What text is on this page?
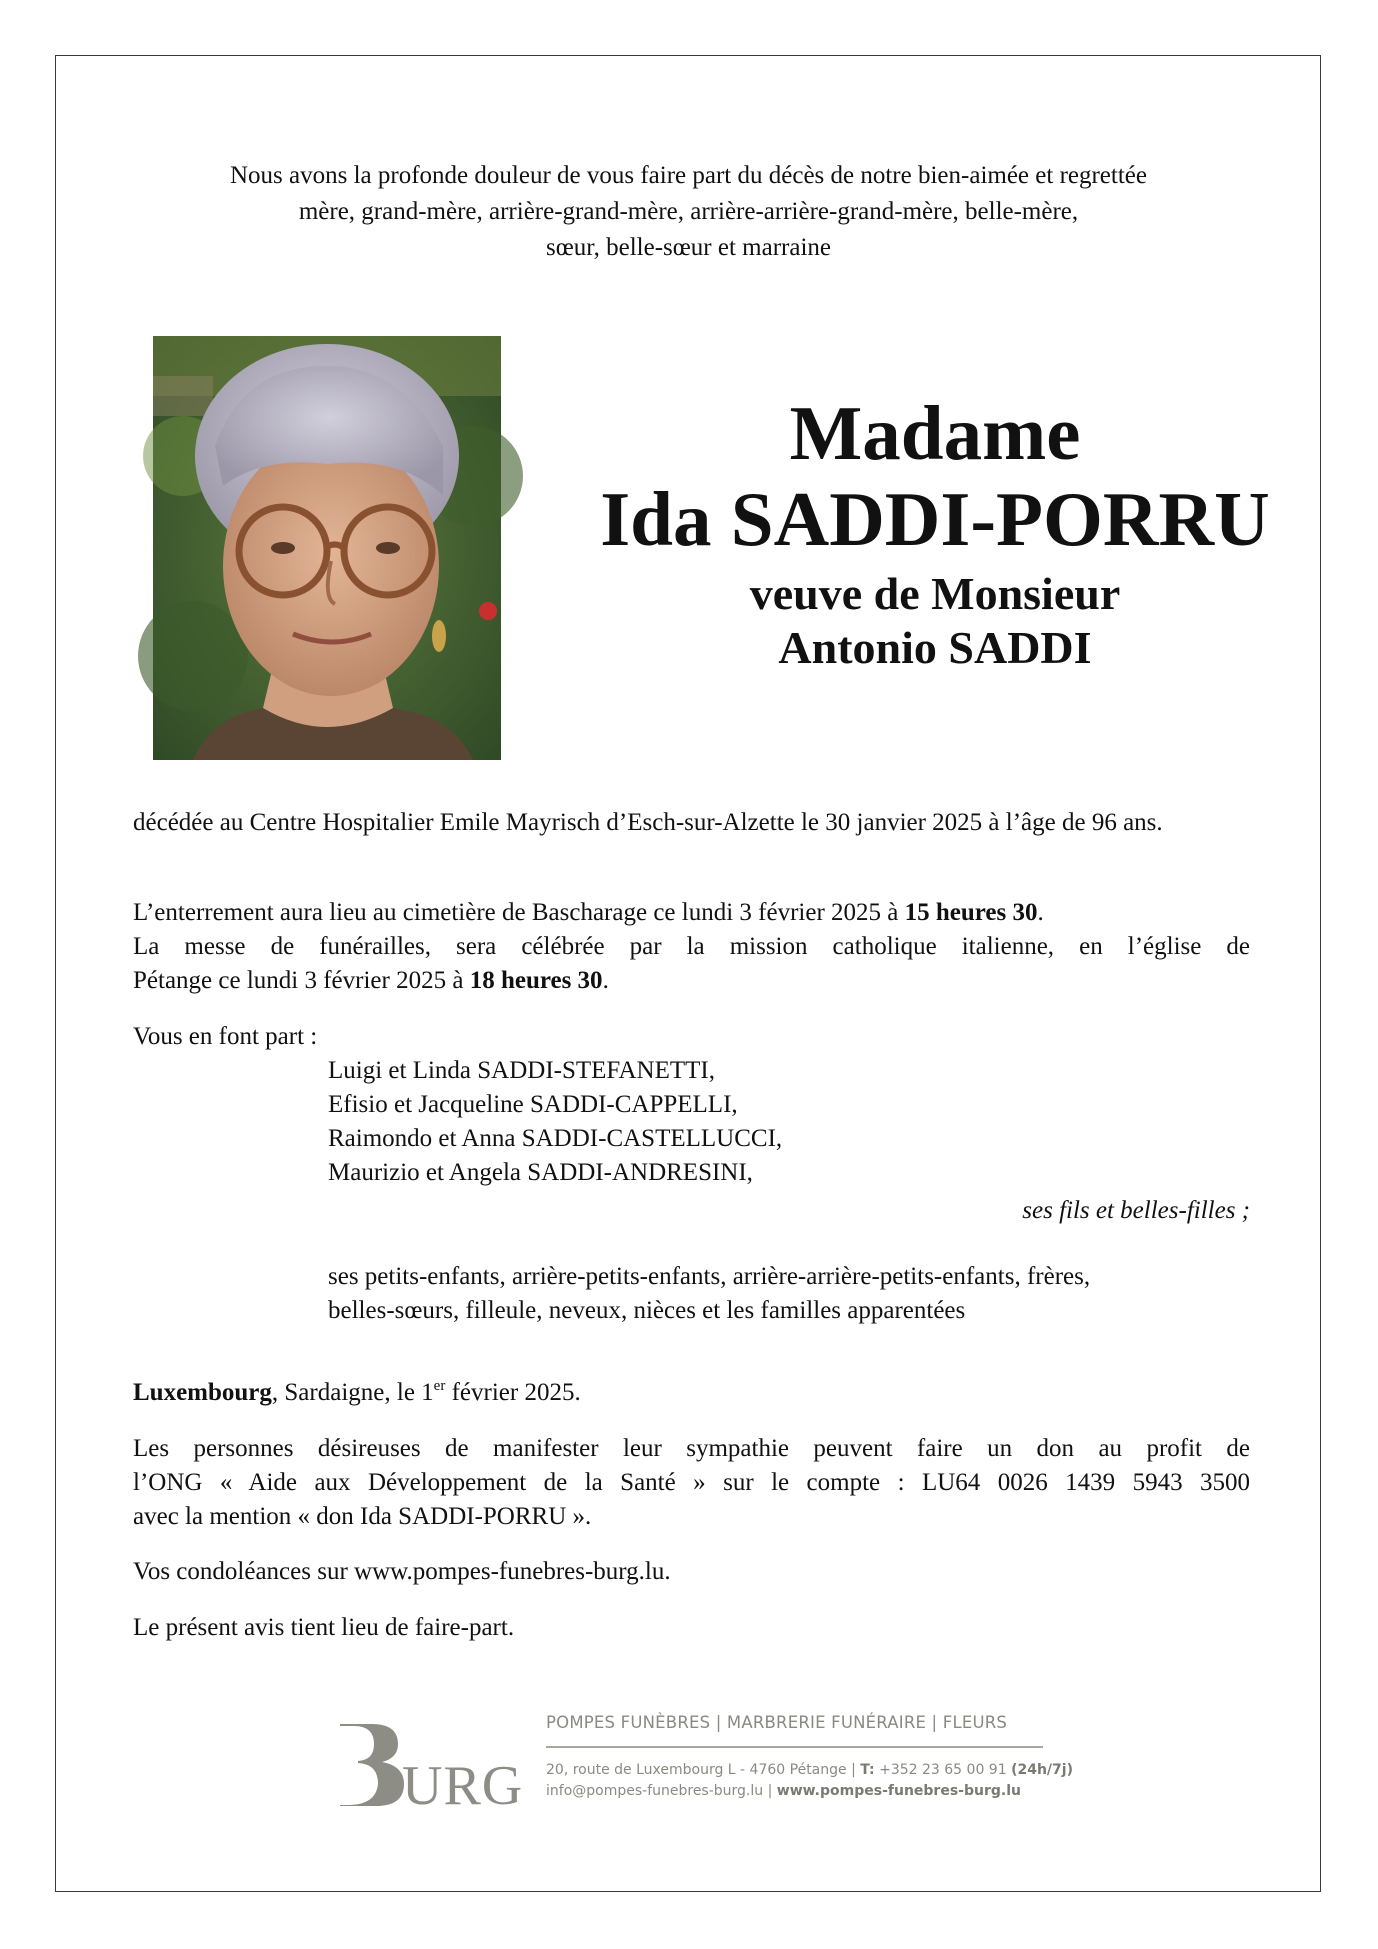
Nous avons la profonde douleur de vous faire part du décès de notre bien-aimée et regrettée
mère, grand-mère, arrière-grand-mère, arrière-arrière-grand-mère, belle-mère,
sœur, belle-sœur et marraine
Madame
Ida SADDI-PORRU
veuve de Monsieur
Antonio SADDI
décédée au Centre Hospitalier Emile Mayrisch d’Esch-sur-Alzette le 30 janvier 2025 à l’âge de 96 ans.
L’enterrement aura lieu au cimetière de Bascharage ce lundi 3 février 2025 à 15 heures 30.
La messe de funérailles, sera célébrée par la mission catholique italienne, en l’église de
Pétange ce lundi 3 février 2025 à 18 heures 30.
Vous en font part :
Luigi et Linda SADDI-STEFANETTI,
Efisio et Jacqueline SADDI-CAPPELLI,
Raimondo et Anna SADDI-CASTELLUCCI,
Maurizio et Angela SADDI-ANDRESINI,
ses fils et belles-filles ;
ses petits-enfants, arrière-petits-enfants, arrière-arrière-petits-enfants, frères,
belles-sœurs, filleule, neveux, nièces et les familles apparentées
Luxembourg, Sardaigne, le 1er février 2025.
Les personnes désireuses de manifester leur sympathie peuvent faire un don au profit de
l’ONG « Aide aux Développement de la Santé » sur le compte : LU64 0026 1439 5943 3500
avec la mention « don Ida SADDI-PORRU ».
Vos condoléances sur www.pompes-funebres-burg.lu.
Le présent avis tient lieu de faire-part.
URG
POMPES FUNÈBRES | MARBRERIE FUNÉRAIRE | FLEURS
20, route de Luxembourg L - 4760 Pétange | T: +352 23 65 00 91 (24h/7j)
info@pompes-funebres-burg.lu | www.pompes-funebres-burg.lu
